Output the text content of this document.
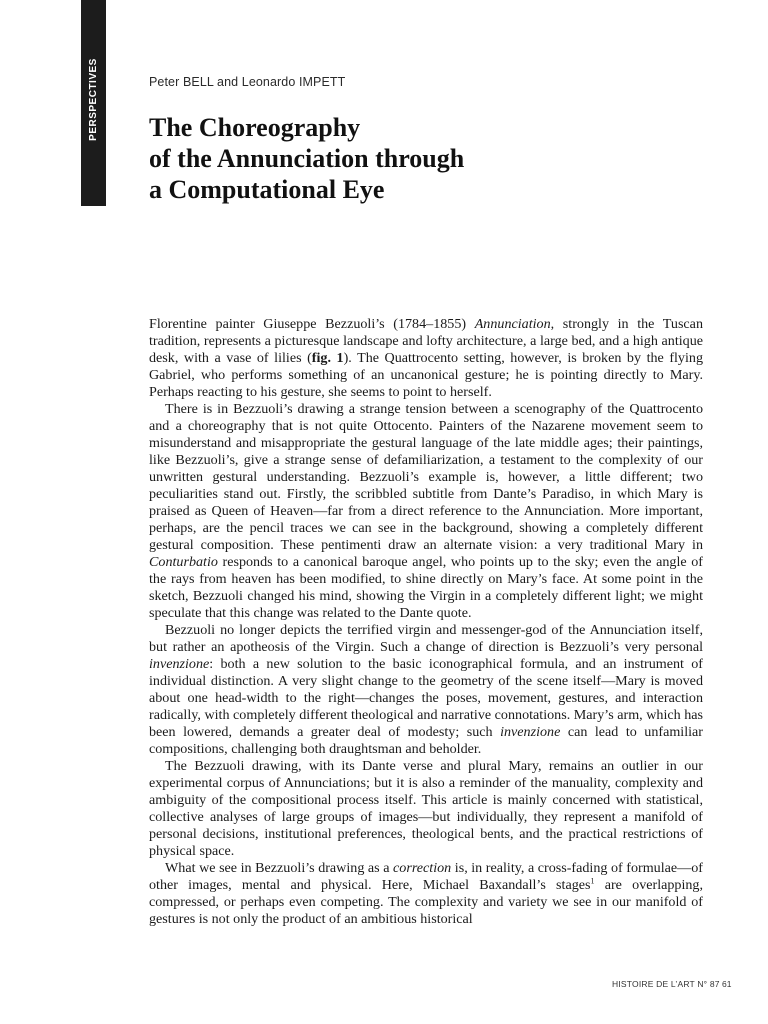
PERSPECTIVES	Peter BELL and Leonardo IMPETT
The Choreography
of the Annunciation through
a Computational Eye

Florentine painter Giuseppe Bezzuoli’s (1784–1855) Annunciation, strongly in the Tuscan tradition, represents a picturesque landscape and lofty architecture, a large bed, and a high antique desk, with a vase of lilies (fig. 1). The Quattrocento setting, however, is broken by the flying Gabriel, who performs something of an uncanonical gesture; he is pointing directly to Mary. Perhaps reacting to his gesture, she seems to point to herself.

There is in Bezzuoli’s drawing a strange tension between a scenography of the Quattrocento and a choreography that is not quite Ottocento. Painters of the Nazarene movement seem to misunderstand and misappropriate the gestural language of the late middle ages; their paintings, like Bezzuoli’s, give a strange sense of defamiliarization, a testament to the complexity of our unwritten gestural understanding. Bezzuoli’s example is, however, a little different; two peculiarities stand out. Firstly, the scribbled subtitle from Dante’s Paradiso, in which Mary is praised as Queen of Heaven—far from a direct reference to the Annunciation. More important, perhaps, are the pencil traces we can see in the background, showing a completely different gestural composition. These pentimenti draw an alternate vision: a very traditional Mary in Conturbatio responds to a canonical baroque angel, who points up to the sky; even the angle of the rays from heaven has been modified, to shine directly on Mary’s face. At some point in the sketch, Bezzuoli changed his mind, showing the Virgin in a completely different light; we might speculate that this change was related to the Dante quote.

Bezzuoli no longer depicts the terrified virgin and messenger-god of the Annunciation itself, but rather an apotheosis of the Virgin. Such a change of direction is Bezzuoli’s very personal invenzione: both a new solution to the basic iconographical formula, and an instrument of individual distinction. A very slight change to the geometry of the scene itself—Mary is moved about one head-width to the right—changes the poses, movement, gestures, and interaction radically, with completely different theological and narrative connotations. Mary’s arm, which has been lowered, demands a greater deal of modesty; such invenzione can lead to unfamiliar compositions, challenging both draughtsman and beholder.

The Bezzuoli drawing, with its Dante verse and plural Mary, remains an outlier in our experimental corpus of Annunciations; but it is also a reminder of the manuality, complexity and ambiguity of the compositional process itself. This article is mainly concerned with statistical, collective analyses of large groups of images—but individually, they represent a manifold of personal decisions, institutional preferences, theological bents, and the practical restrictions of physical space.

What we see in Bezzuoli’s drawing as a correction is, in reality, a cross-fading of formulae—of other images, mental and physical. Here, Michael Baxandall’s stages$^1$ are overlapping, compressed, or perhaps even competing. The complexity and variety we see in our manifold of gestures is not only the product of an ambitious historical

HISTOIRE DE L’ART N° 87 61
